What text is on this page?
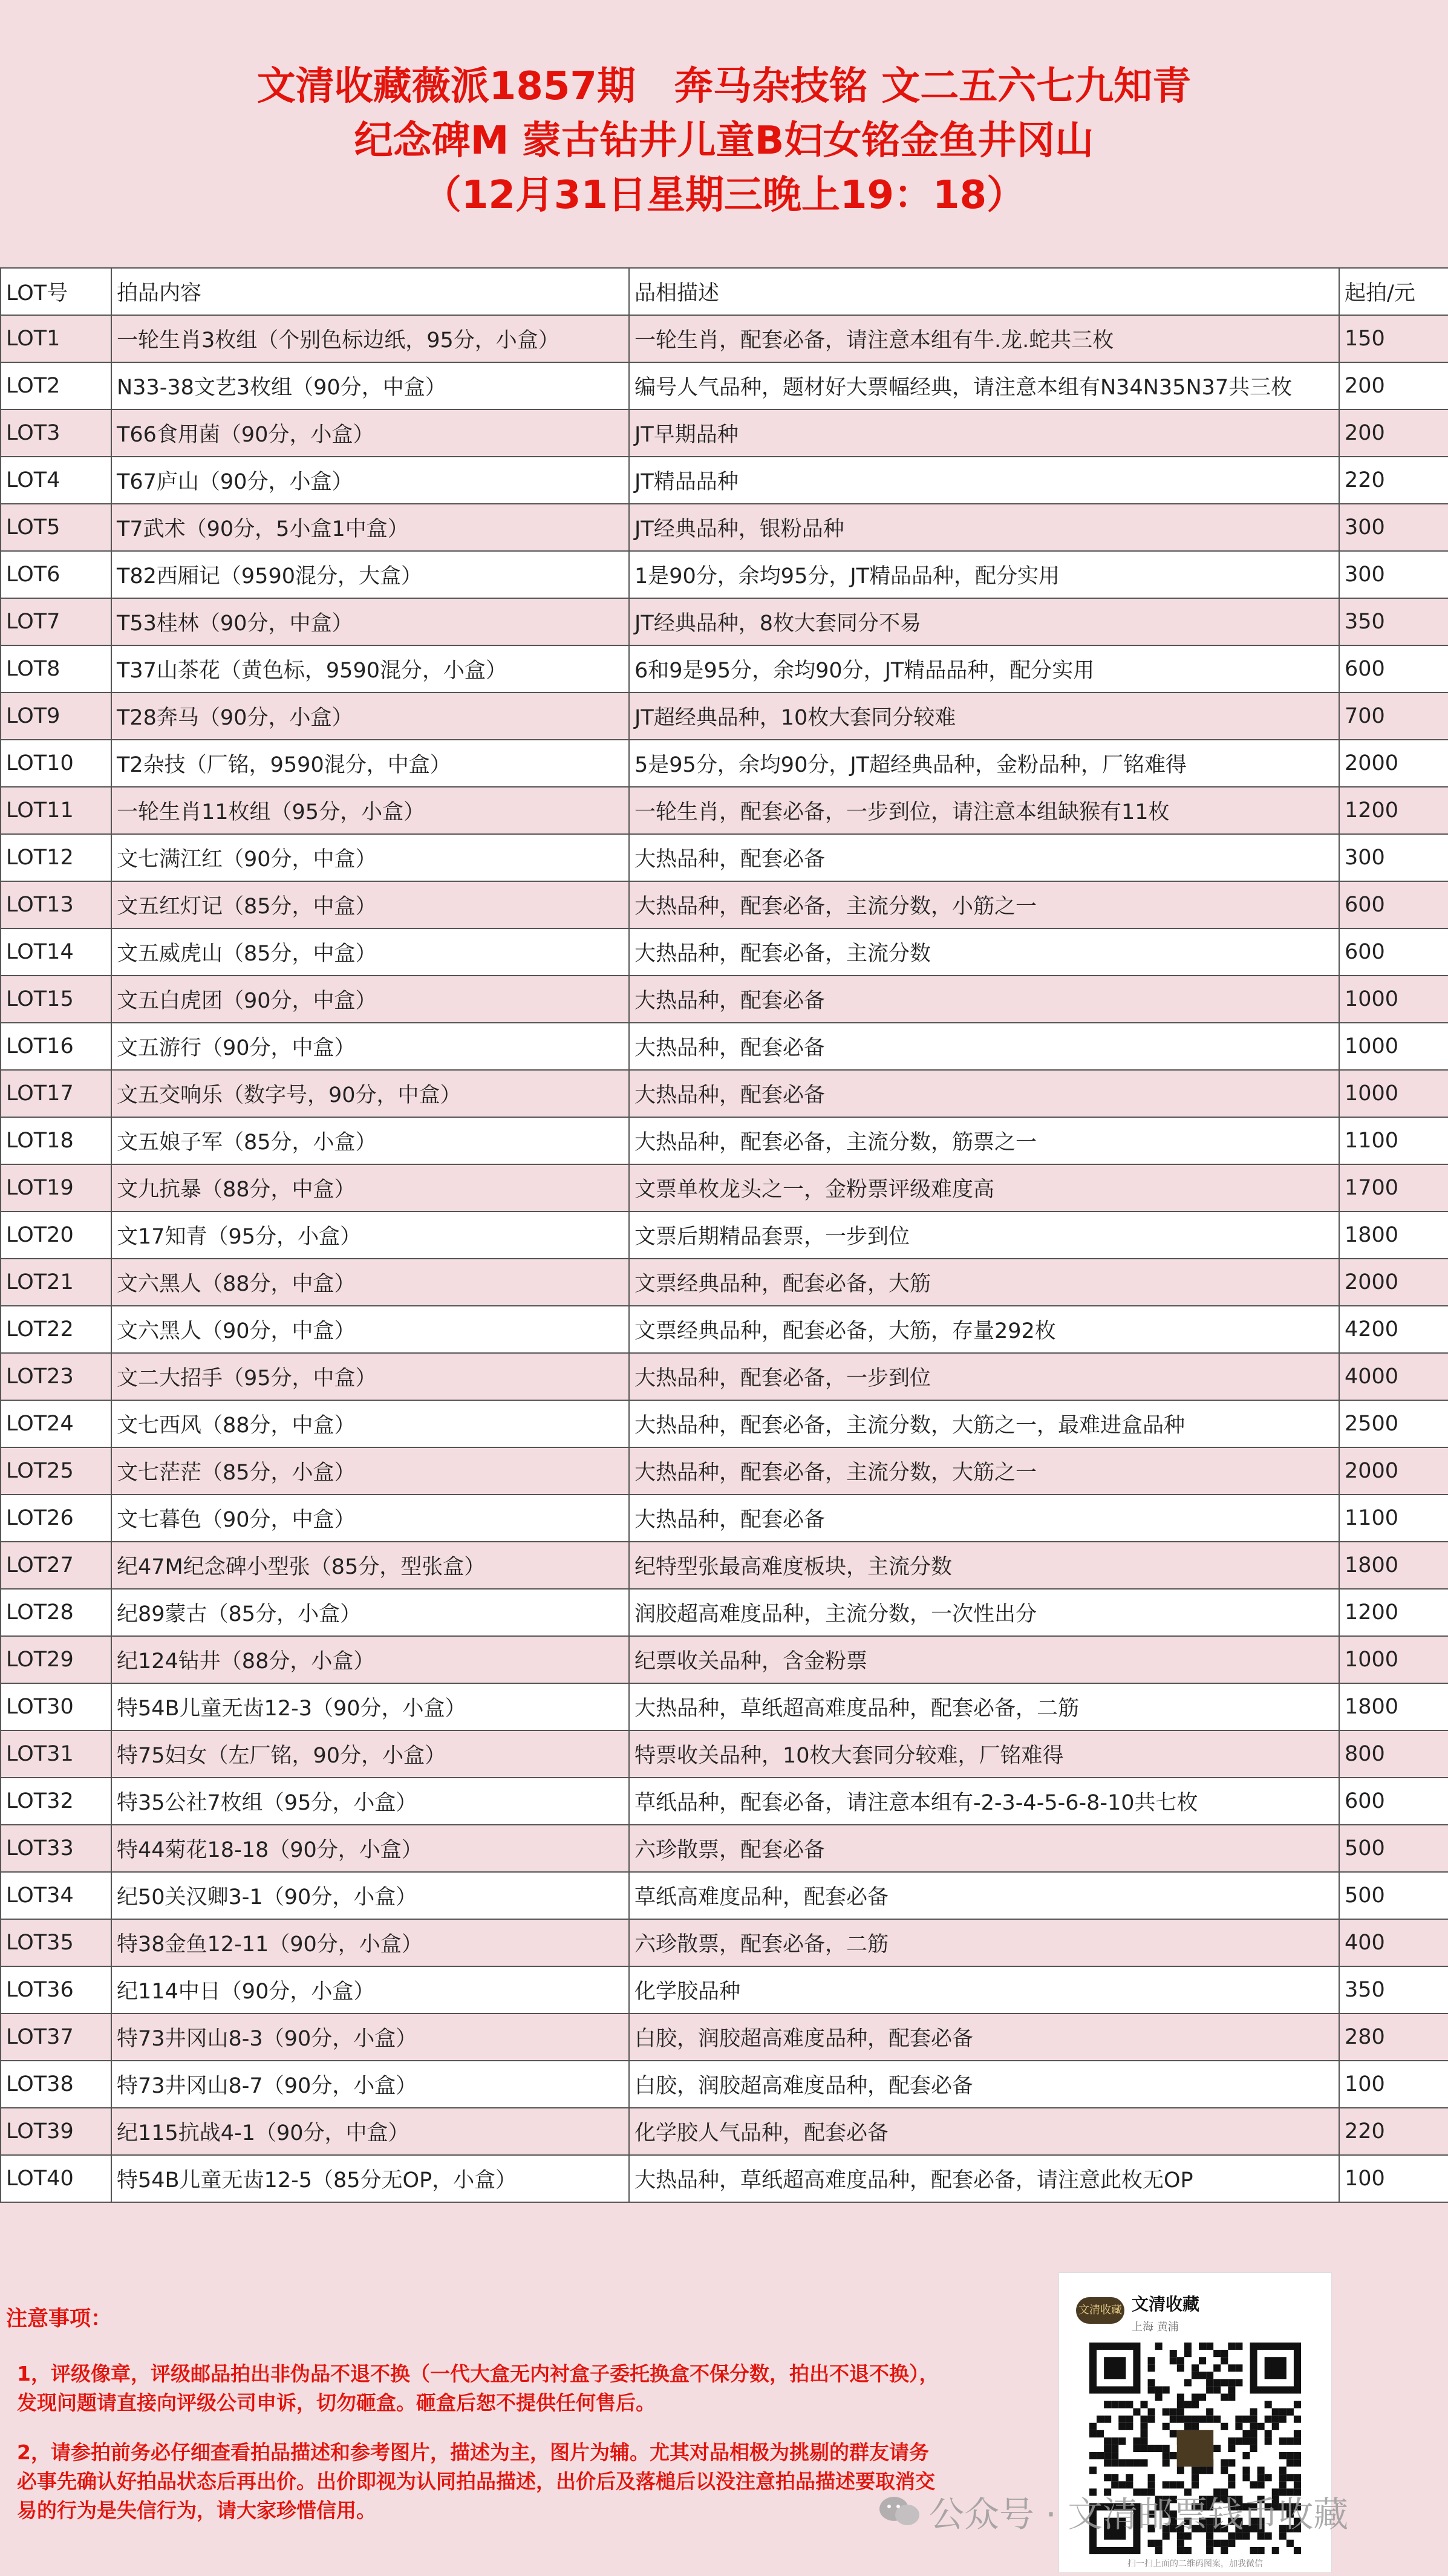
文清收藏薇派1857期　奔马杂技铭 文二五六七九知青
纪念碑M 蒙古钻井儿童B妇女铭金鱼井冈山
（12月31日星期三晚上19：18）
LOT号	拍品内容	品相描述	起拍/元
LOT1	一轮生肖3枚组（个别色标边纸，95分，小盒）	一轮生肖，配套必备，请注意本组有牛.龙.蛇共三枚	150
LOT2	N33-38文艺3枚组（90分，中盒）	编号人气品种，题材好大票幅经典，请注意本组有N34N35N37共三枚	200
LOT3	T66食用菌（90分，小盒）	JT早期品种	200
LOT4	T67庐山（90分，小盒）	JT精品品种	220
LOT5	T7武术（90分，5小盒1中盒）	JT经典品种，银粉品种	300
LOT6	T82西厢记（9590混分，大盒）	1是90分，余均95分，JT精品品种，配分实用	300
LOT7	T53桂林（90分，中盒）	JT经典品种，8枚大套同分不易	350
LOT8	T37山茶花（黄色标，9590混分，小盒）	6和9是95分，余均90分，JT精品品种，配分实用	600
LOT9	T28奔马（90分，小盒）	JT超经典品种，10枚大套同分较难	700
LOT10	T2杂技（厂铭，9590混分，中盒）	5是95分，余均90分，JT超经典品种，金粉品种，厂铭难得	2000
LOT11	一轮生肖11枚组（95分，小盒）	一轮生肖，配套必备，一步到位，请注意本组缺猴有11枚	1200
LOT12	文七满江红（90分，中盒）	大热品种，配套必备	300
LOT13	文五红灯记（85分，中盒）	大热品种，配套必备，主流分数，小筋之一	600
LOT14	文五威虎山（85分，中盒）	大热品种，配套必备，主流分数	600
LOT15	文五白虎团（90分，中盒）	大热品种，配套必备	1000
LOT16	文五游行（90分，中盒）	大热品种，配套必备	1000
LOT17	文五交响乐（数字号，90分，中盒）	大热品种，配套必备	1000
LOT18	文五娘子军（85分，小盒）	大热品种，配套必备，主流分数，筋票之一	1100
LOT19	文九抗暴（88分，中盒）	文票单枚龙头之一，金粉票评级难度高	1700
LOT20	文17知青（95分，小盒）	文票后期精品套票，一步到位	1800
LOT21	文六黑人（88分，中盒）	文票经典品种，配套必备，大筋	2000
LOT22	文六黑人（90分，中盒）	文票经典品种，配套必备，大筋，存量292枚	4200
LOT23	文二大招手（95分，中盒）	大热品种，配套必备，一步到位	4000
LOT24	文七西风（88分，中盒）	大热品种，配套必备，主流分数，大筋之一，最难进盒品种	2500
LOT25	文七茫茫（85分，小盒）	大热品种，配套必备，主流分数，大筋之一	2000
LOT26	文七暮色（90分，中盒）	大热品种，配套必备	1100
LOT27	纪47M纪念碑小型张（85分，型张盒）	纪特型张最高难度板块，主流分数	1800
LOT28	纪89蒙古（85分，小盒）	润胶超高难度品种，主流分数，一次性出分	1200
LOT29	纪124钻井（88分，小盒）	纪票收关品种，含金粉票	1000
LOT30	特54B儿童无齿12-3（90分，小盒）	大热品种，草纸超高难度品种，配套必备，二筋	1800
LOT31	特75妇女（左厂铭，90分，小盒）	特票收关品种，10枚大套同分较难，厂铭难得	800
LOT32	特35公社7枚组（95分，小盒）	草纸品种，配套必备，请注意本组有-2-3-4-5-6-8-10共七枚	600
LOT33	特44菊花18-18（90分，小盒）	六珍散票，配套必备	500
LOT34	纪50关汉卿3-1（90分，小盒）	草纸高难度品种，配套必备	500
LOT35	特38金鱼12-11（90分，小盒）	六珍散票，配套必备，二筋	400
LOT36	纪114中日（90分，小盒）	化学胶品种	350
LOT37	特73井冈山8-3（90分，小盒）	白胶，润胶超高难度品种，配套必备	280
LOT38	特73井冈山8-7（90分，小盒）	白胶，润胶超高难度品种，配套必备	100
LOT39	纪115抗战4-1（90分，中盒）	化学胶人气品种，配套必备	220
LOT40	特54B儿童无齿12-5（85分无OP，小盒）	大热品种，草纸超高难度品种，配套必备，请注意此枚无OP	100
注意事项：
1，评级像章，评级邮品拍出非伪品不退不换（一代大盒无内衬盒子委托换盒不保分数，拍出不退不换），发现问题请直接向评级公司申诉，切勿砸盒。砸盒后恕不提供任何售后。
2，请参拍前务必仔细查看拍品描述和参考图片，描述为主，图片为辅。尤其对品相极为挑剔的群友请务必事先确认好拍品状态后再出价。出价即视为认同拍品描述，出价后及落槌后以没注意拍品描述要取消交易的行为是失信行为，请大家珍惜信用。
文清收藏 文清收藏
上海 黄浦
扫一扫上面的二维码图案，加我微信
公众号 · 文清邮票钱币收藏
